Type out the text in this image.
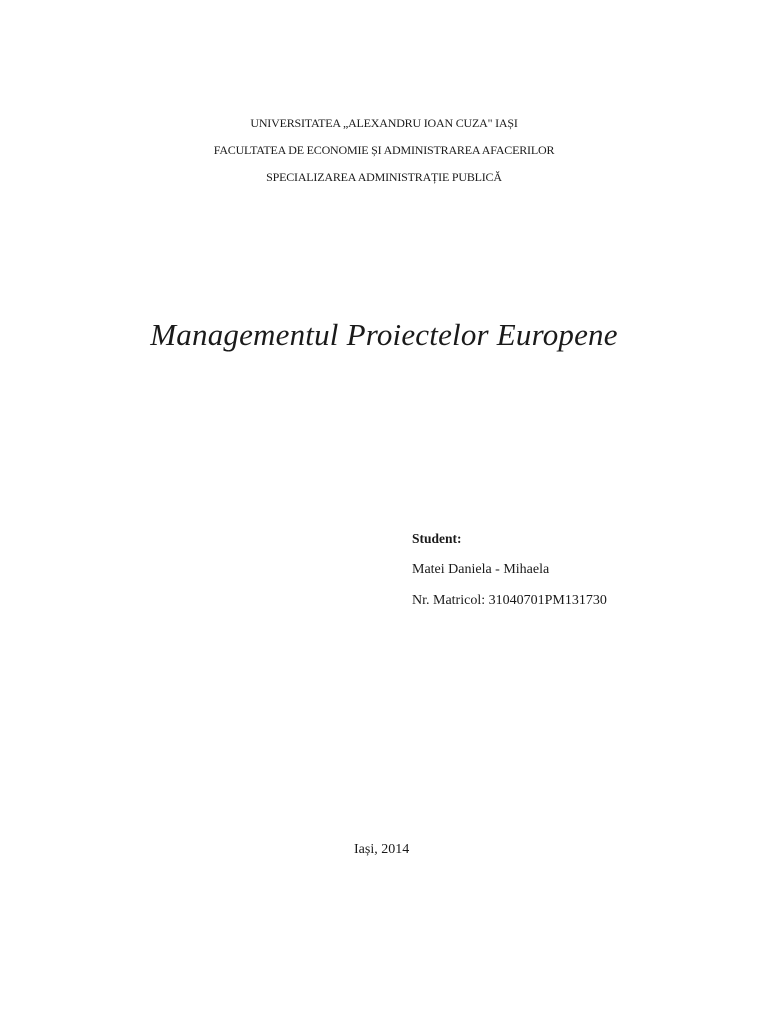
UNIVERSITATEA „ALEXANDRU IOAN CUZA" IAȘI
FACULTATEA DE ECONOMIE ȘI ADMINISTRAREA AFACERILOR
SPECIALIZAREA ADMINISTRAȚIE PUBLICĂ
Managementul Proiectelor Europene
Student:
Matei Daniela - Mihaela
Nr. Matricol: 31040701PM131730
Iași, 2014
